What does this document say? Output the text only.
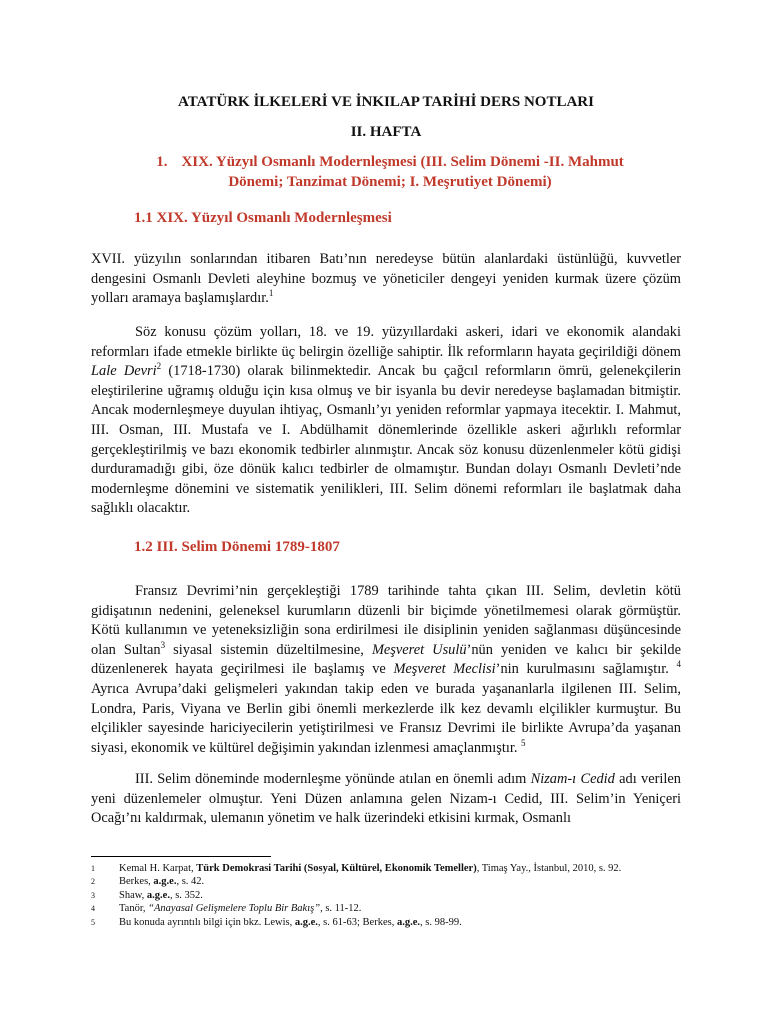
ATATÜRK İLKELERİ VE İNKILAP TARİHİ DERS NOTLARI
II. HAFTA
1. XIX. Yüzyıl Osmanlı Modernleşmesi (III. Selim Dönemi -II. Mahmut Dönemi; Tanzimat Dönemi; I. Meşrutiyet Dönemi)
1.1 XIX. Yüzyıl Osmanlı Modernleşmesi

XVII. yüzyılın sonlarından itibaren Batı’nın neredeyse bütün alanlardaki üstünlüğü, kuvvetler dengesini Osmanlı Devleti aleyhine bozmuş ve yöneticiler dengeyi yeniden kurmak üzere çözüm yolları aramaya başlamışlardır.$^1$

Söz konusu çözüm yolları, 18. ve 19. yüzyıllardaki askeri, idari ve ekonomik alandaki reformları ifade etmekle birlikte üç belirgin özelliğe sahiptir. İlk reformların hayata geçirildiği dönem Lale Devri$^2$ (1718-1730) olarak bilinmektedir. Ancak bu çağcıl reformların ömrü, gelenekçilerin eleştirilerine uğramış olduğu için kısa olmuş ve bir isyanla bu devir neredeyse başlamadan bitmiştir. Ancak modernleşmeye duyulan ihtiyaç, Osmanlı’yı yeniden reformlar yapmaya itecektir. I. Mahmut, III. Osman, III. Mustafa ve I. Abdülhamit dönemlerinde özellikle askeri ağırlıklı reformlar gerçekleştirilmiş ve bazı ekonomik tedbirler alınmıştır. Ancak söz konusu düzenlenmeler kötü gidişi durduramadığı gibi, öze dönük kalıcı tedbirler de olmamıştır. Bundan dolayı Osmanlı Devleti’nde modernleşme dönemini ve sistematik yenilikleri, III. Selim dönemi reformları ile başlatmak daha sağlıklı olacaktır.

1.2 III. Selim Dönemi 1789-1807

Fransız Devrimi’nin gerçekleştiği 1789 tarihinde tahta çıkan III. Selim, devletin kötü gidişatının nedenini, geleneksel kurumların düzenli bir biçimde yönetilmemesi olarak görmüştür. Kötü kullanımın ve yeteneksizliğin sona erdirilmesi ile disiplinin yeniden sağlanması düşüncesinde olan Sultan$^3$ siyasal sistemin düzeltilmesine, Meşveret Usulü’nün yeniden ve kalıcı bir şekilde düzenlenerek hayata geçirilmesi ile başlamış ve Meşveret Meclisi’nin kurulmasını sağlamıştır. $^4$ Ayrıca Avrupa’daki gelişmeleri yakından takip eden ve burada yaşananlarla ilgilenen III. Selim, Londra, Paris, Viyana ve Berlin gibi önemli merkezlerde ilk kez devamlı elçilikler kurmuştur. Bu elçilikler sayesinde hariciyecilerin yetiştirilmesi ve Fransız Devrimi ile birlikte Avrupa’da yaşanan siyasi, ekonomik ve kültürel değişimin yakından izlenmesi amaçlanmıştır. $^5$

III. Selim döneminde modernleşme yönünde atılan en önemli adım Nizam-ı Cedid adı verilen yeni düzenlemeler olmuştur. Yeni Düzen anlamına gelen Nizam-ı Cedid, III. Selim’in Yeniçeri Ocağı’nı kaldırmak, ulemanın yönetim ve halk üzerindeki etkisini kırmak, Osmanlı

1	Kemal H. Karpat, Türk Demokrasi Tarihi (Sosyal, Kültürel, Ekonomik Temeller), Timaş Yay., İstanbul, 2010, s. 92.

2	Berkes, a.g.e., s. 42.

3	Shaw, a.g.e., s. 352.

4	Tanör, “Anayasal Gelişmelere Toplu Bir Bakış”, s. 11-12.

5	Bu konuda ayrıntılı bilgi için bkz. Lewis, a.g.e., s. 61-63; Berkes, a.g.e., s. 98-99.
